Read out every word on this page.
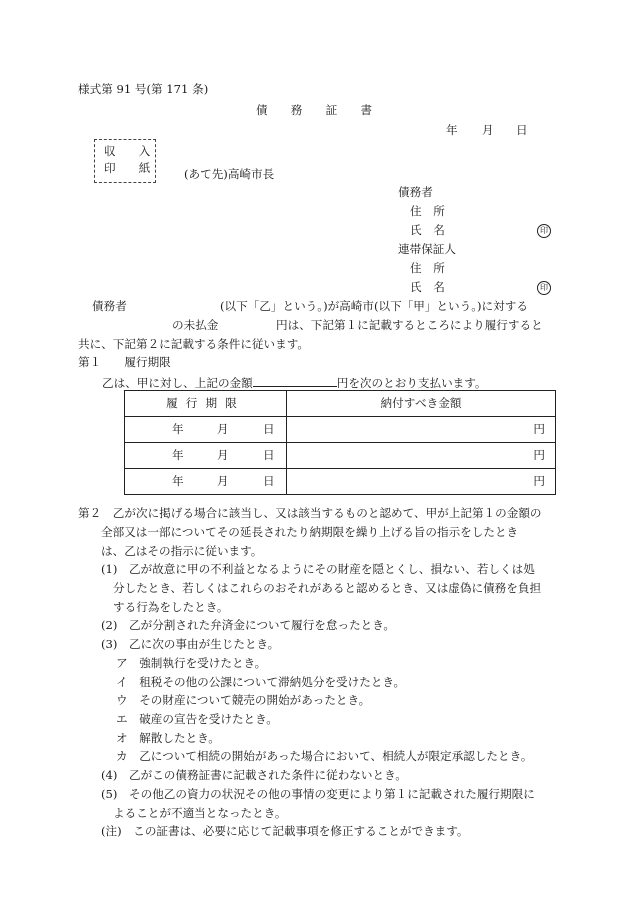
様式第 91 号(第 171 条)
債　　務　　証　　書
年 月 日
収　　入
印　　紙	(あて先)高崎市長
債務者
住　所
氏　名	印
連帯保証人
住　所
氏　名	印
債務者	(以下「乙」という。)が高崎市(以下「甲」という。)に対する
の未払金	円は、下記第１に記載するところにより履行すると
共に、下記第２に記載する条件に従います。
第１　　履行期限
乙は、甲に対し、上記の金額	円を次のとおり支払います。
履行期限	納付すべき金額

年 月 日	円

年 月 日	円

年 月 日	円
第２　乙が次に掲げる場合に該当し、又は該当するものと認めて、甲が上記第１の金額の
全部又は一部についてその延長されたり納期限を繰り上げる旨の指示をしたとき
は、乙はその指示に従います。
(1)　乙が故意に甲の不利益となるようにその財産を隠とくし、損ない、若しくは処
分したとき、若しくはこれらのおそれがあると認めるとき、又は虚偽に債務を負担
する行為をしたとき。
(2)　乙が分割された弁済金について履行を怠ったとき。
(3)　乙に次の事由が生じたとき。
ア　強制執行を受けたとき。
イ　租税その他の公課について滞納処分を受けたとき。
ウ　その財産について競売の開始があったとき。
エ　破産の宣告を受けたとき。
オ　解散したとき。
カ　乙について相続の開始があった場合において、相続人が限定承認したとき。
(4)　乙がこの債務証書に記載された条件に従わないとき。
(5)　その他乙の資力の状況その他の事情の変更により第１に記載された履行期限に
よることが不適当となったとき。
(注)　この証書は、必要に応じて記載事項を修正することができます。
